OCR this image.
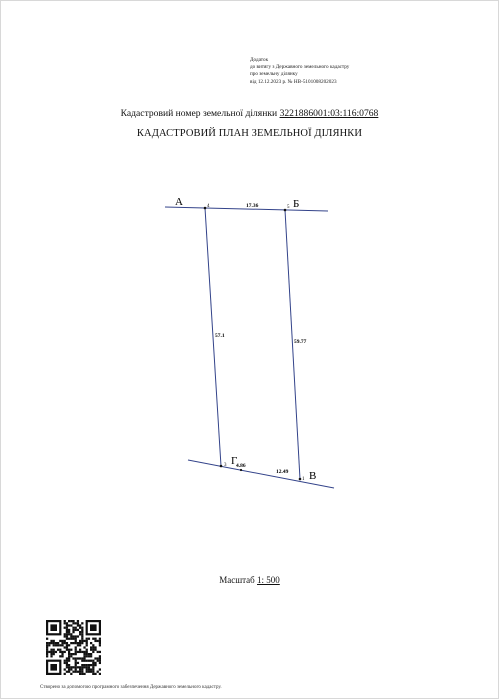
Додаток
до витягу з Державного земельного кадастру
про земельну ділянку
від 12.12.2023 р. № НВ-5101008202023
Кадастровий номер земельної ділянки 3221886001:03:116:0768
КАДАСТРОВИЙ ПЛАН ЗЕМЕЛЬНОЇ ДІЛЯНКИ
А	Б
В
Г
4	5
1
3
17.36
57.1
59.77
12.49
4.86
Масштаб 1: 500
Створено за допомогою програмного забезпечення Державного земельного кадастру.
